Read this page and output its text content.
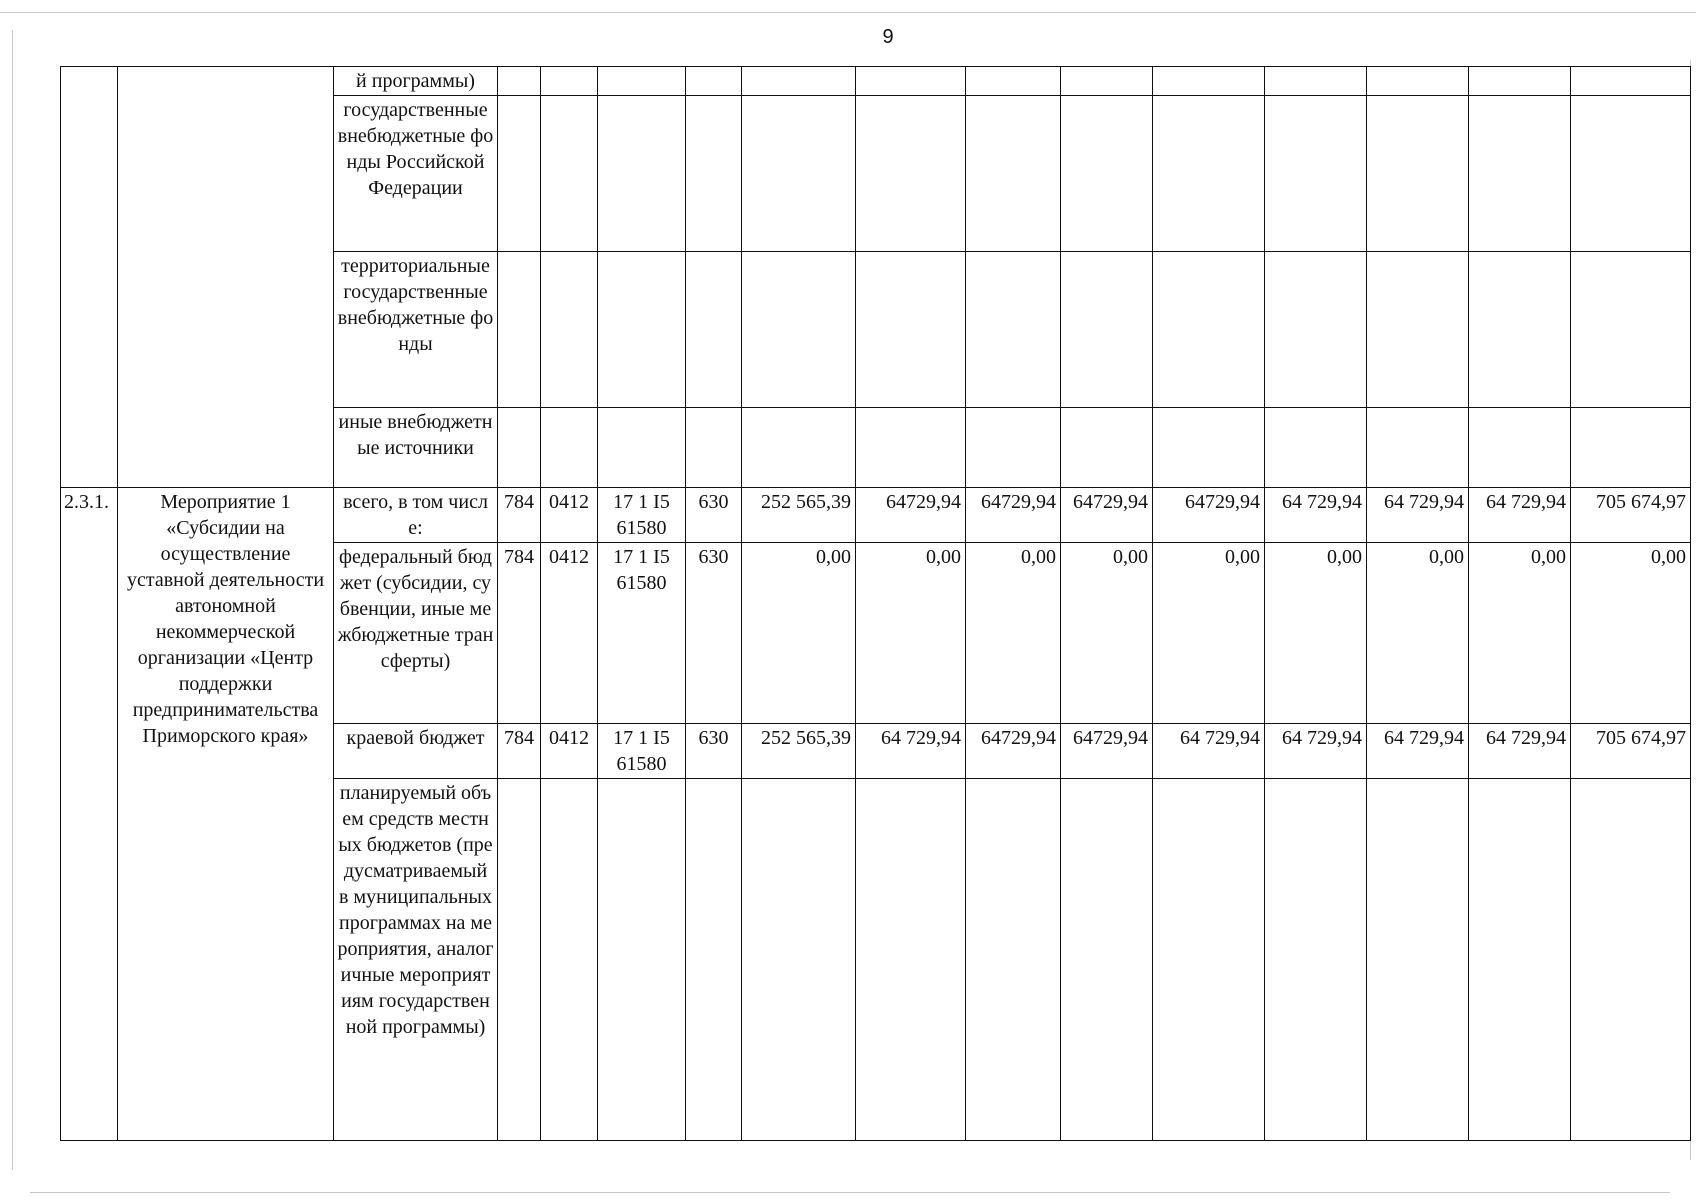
9
		й программы)													
		государственные внебюджетные фонды Российской Федерации													
		территориальные государственные внебюджетные фонды													
		иные внебюджетные источники													
2.3.1.	Мероприятие 1 «Субсидии на осуществление уставной деятельности автономной некоммерческой организации «Центр поддержки предпринимательства Приморского края»	всего, в том числе:	784	0412	17 1 I5 61580	630	252 565,39	64729,94	64729,94	64729,94	64729,94	64 729,94	64 729,94	64 729,94	705 674,97
		федеральный бюджет (субсидии, субвенции, иные межбюджетные трансферты)	784	0412	17 1 I5 61580	630	0,00	0,00	0,00	0,00	0,00	0,00	0,00	0,00	0,00
		краевой бюджет	784	0412	17 1 I5 61580	630	252 565,39	64 729,94	64729,94	64729,94	64 729,94	64 729,94	64 729,94	64 729,94	705 674,97
		планируемый объем средств местных бюджетов (предусматриваемый в муниципальных программах на мероприятия, аналогичные мероприятиям государственной программы)													
